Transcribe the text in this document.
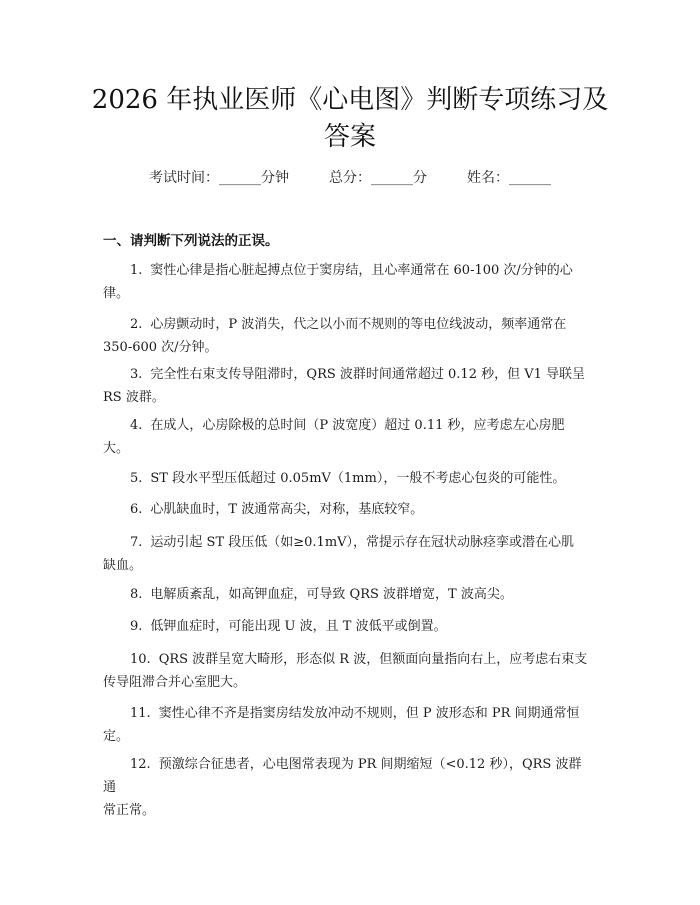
2026 年执业医师《心电图》判断专项练习及
答案
考试时间：______分钟	总分：______分	姓名：______
一、请判断下列说法的正误。
1. 窦性心律是指心脏起搏点位于窦房结，且心率通常在 60-100 次/分钟的心
律。
2. 心房颤动时，P 波消失，代之以小而不规则的等电位线波动，频率通常在
350-600 次/分钟。
3. 完全性右束支传导阻滞时，QRS 波群时间通常超过 0.12 秒，但 V1 导联呈
RS 波群。
4. 在成人，心房除极的总时间（P 波宽度）超过 0.11 秒，应考虑左心房肥
大。
5. ST 段水平型压低超过 0.05mV（1mm），一般不考虑心包炎的可能性。
6. 心肌缺血时，T 波通常高尖，对称，基底较窄。
7. 运动引起 ST 段压低（如≥0.1mV），常提示存在冠状动脉痉挛或潜在心肌
缺血。
8. 电解质紊乱，如高钾血症，可导致 QRS 波群增宽，T 波高尖。
9. 低钾血症时，可能出现 U 波，且 T 波低平或倒置。
10. QRS 波群呈宽大畸形，形态似 R 波，但额面向量指向右上，应考虑右束支
传导阻滞合并心室肥大。
11. 窦性心律不齐是指窦房结发放冲动不规则，但 P 波形态和 PR 间期通常恒
定。
12. 预激综合征患者，心电图常表现为 PR 间期缩短（<0.12 秒），QRS 波群通
常正常。
